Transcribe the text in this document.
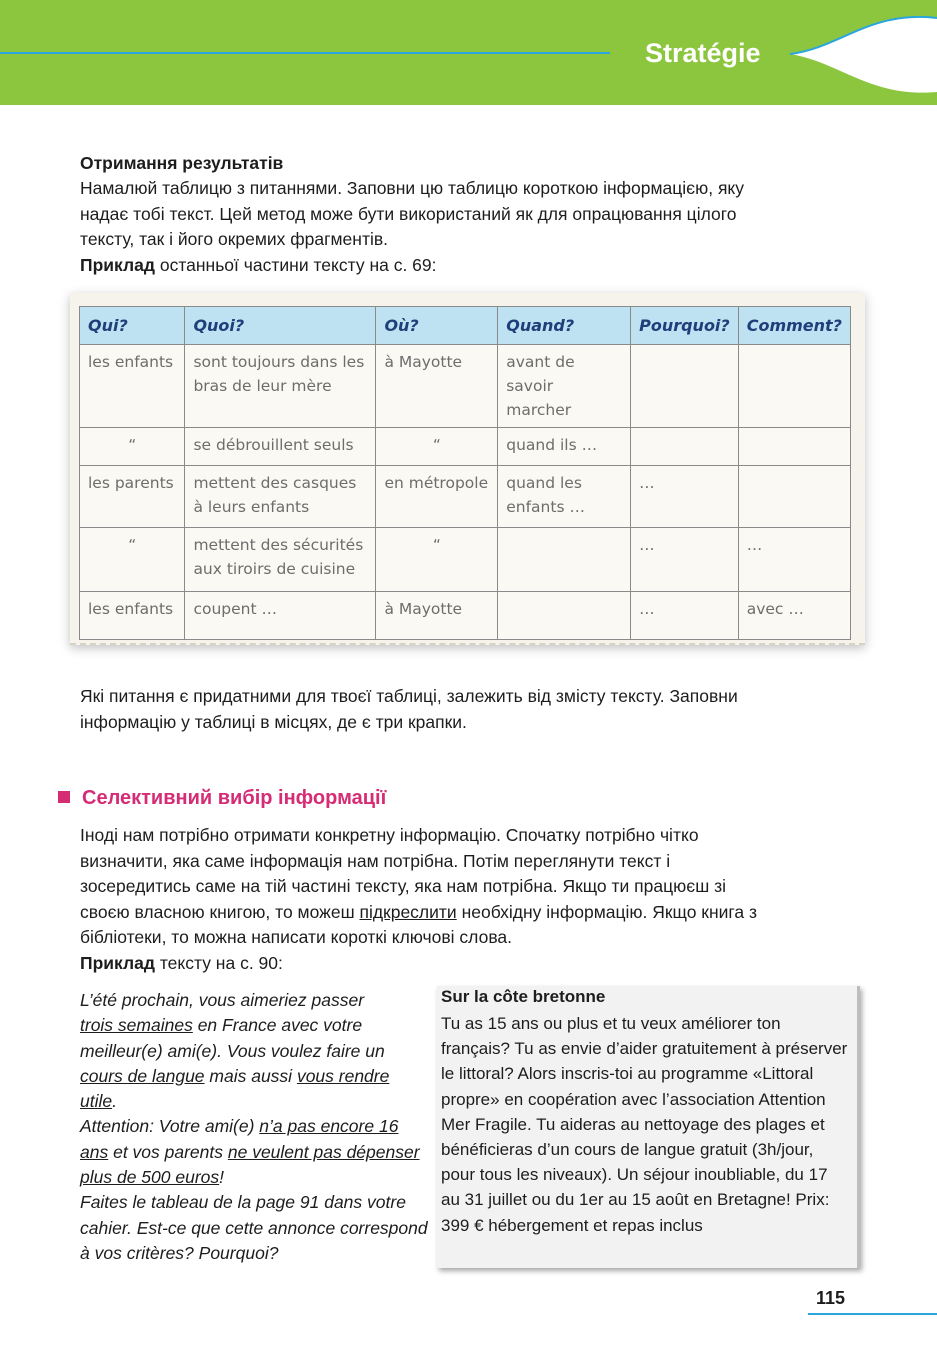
Stratégie
Отримання результатів
Намалюй таблицю з питаннями. Заповни цю таблицю короткою інформацією, яку
надає тобі текст. Цей метод може бути використаний як для опрацювання цілого
тексту, так і його окремих фрагментів.
Приклад останньої частини тексту на с. 69:
Qui?	Quoi?	Où?	Quand?	Pourquoi?	Comment?
les enfants	sont toujours dans les bras de leur mère	à Mayotte	avant de savoir marcher		
“	se débrouillent seuls	“	quand ils …		
les parents	mettent des casques à leurs enfants	en métropole	quand les enfants …	…	
“	mettent des sécurités aux tiroirs de cuisine	“		…	…
les enfants	coupent …	à Mayotte		…	avec …
Які питання є придатними для твоєї таблиці, залежить від змісту тексту. Заповни
інформацію у таблиці в місцях, де є три крапки.
Селективний вибір інформації
Іноді нам потрібно отримати конкретну інформацію. Спочатку потрібно чітко
визначити, яка саме інформація нам потрібна. Потім переглянути текст і
зосередитись саме на тій частині тексту, яка нам потрібна. Якщо ти працюєш зі
своєю власною книгою, то можеш підкреслити необхідну інформацію. Якщо книга з
бібліотеки, то можна написати короткі ключові слова.
Приклад тексту на с. 90:
L’été prochain, vous aimeriez passer
trois semaines en France avec votre meilleur(e) ami(e). Vous voulez faire un cours de langue mais aussi vous rendre utile.
Attention: Votre ami(e) n’a pas encore 16 ans et vos parents ne veulent pas dépenser plus de 500 euros!
Faites le tableau de la page 91 dans votre cahier. Est-ce que cette annonce correspond à vos critères? Pourquoi?
Sur la côte bretonne
Tu as 15 ans ou plus et tu veux améliorer ton français? Tu as envie d’aider gratuitement à préserver le littoral? Alors inscris-toi au programme «Littoral propre» en coopération avec l’association Attention Mer Fragile. Tu aideras au nettoyage des plages et bénéficieras d’un cours de langue gratuit (3h/jour, pour tous les niveaux). Un séjour inoubliable, du 17 au 31 juillet ou du 1er au 15 août en Bretagne! Prix: 399 € hébergement et repas inclus
115
